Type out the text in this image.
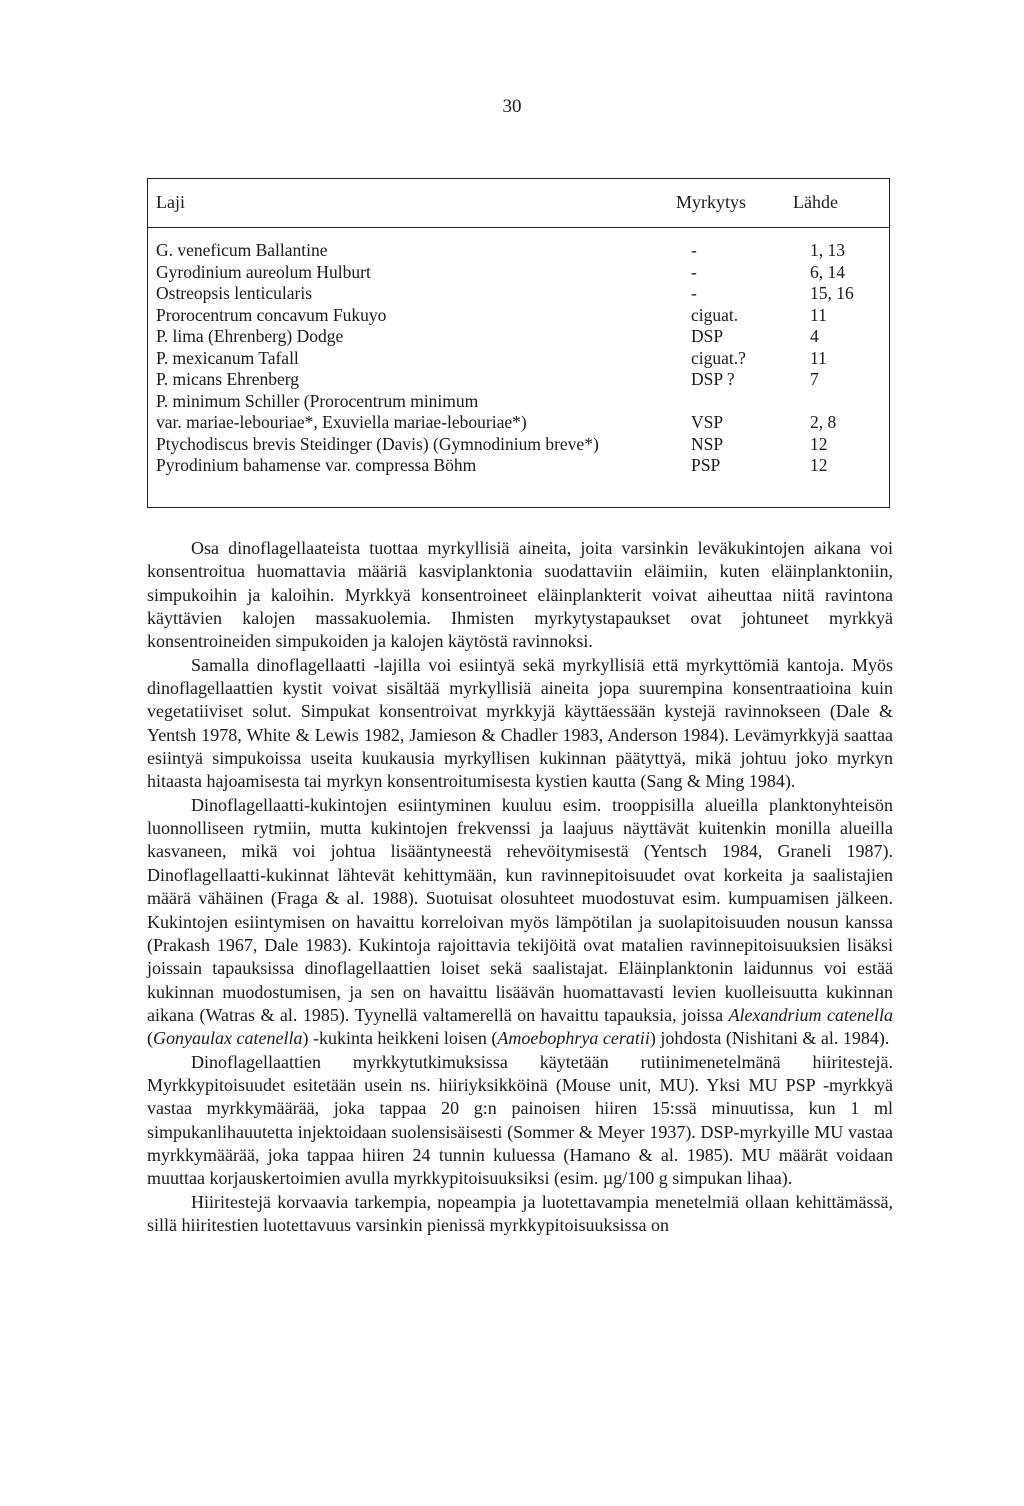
30
Laji	Myrkytys	Lähde
G. veneficum Ballantine	-	1, 13
Gyrodinium aureolum Hulburt	-	6, 14
Ostreopsis lenticularis	-	15, 16
Prorocentrum concavum Fukuyo	ciguat.	11
P. lima (Ehrenberg) Dodge	DSP	4
P. mexicanum Tafall	ciguat.?	11
P. micans Ehrenberg	DSP ?	7
P. minimum Schiller (Prorocentrum minimum
var. mariae-lebouriae*, Exuviella mariae-lebouriae*)	VSP	2, 8
Ptychodiscus brevis Steidinger (Davis) (Gymnodinium breve*)	NSP	12
Pyrodinium bahamense var. compressa Böhm	PSP	12

Osa dinoflagellaateista tuottaa myrkyllisiä aineita, joita varsinkin leväkukintojen aikana voi konsentroitua huomattavia määriä kasviplanktonia suodattaviin eläimiin, kuten eläinplanktoniin, simpukoihin ja kaloihin. Myrkkyä konsentroineet eläinplankterit voivat aiheuttaa niitä ravintona käyttävien kalojen massakuolemia. Ihmisten myrkytystapaukset ovat johtuneet myrkkyä konsentroineiden simpukoiden ja kalojen käytöstä ravinnoksi.

Samalla dinoflagellaatti -lajilla voi esiintyä sekä myrkyllisiä että myrkyttömiä kantoja. Myös dinoflagellaattien kystit voivat sisältää myrkyllisiä aineita jopa suurempina konsentraatioina kuin vegetatiiviset solut. Simpukat konsentroivat myrkkyjä käyttäessään kystejä ravinnokseen (Dale & Yentsh 1978, White & Lewis 1982, Jamieson & Chadler 1983, Anderson 1984). Levämyrkkyjä saattaa esiintyä simpukoissa useita kuukausia myrkyllisen kukinnan päätyttyä, mikä johtuu joko myrkyn hitaasta hajoamisesta tai myrkyn konsentroitumisesta kystien kautta (Sang & Ming 1984).

Dinoflagellaatti-kukintojen esiintyminen kuuluu esim. trooppisilla alueilla planktonyhteisön luonnolliseen rytmiin, mutta kukintojen frekvenssi ja laajuus näyttävät kuitenkin monilla alueilla kasvaneen, mikä voi johtua lisääntyneestä rehevöitymisestä (Yentsch 1984, Graneli 1987). Dinoflagellaatti-kukinnat lähtevät kehittymään, kun ravinnepitoisuudet ovat korkeita ja saalistajien määrä vähäinen (Fraga & al. 1988). Suotuisat olosuhteet muodostuvat esim. kumpuamisen jälkeen. Kukintojen esiintymisen on havaittu korreloivan myös lämpötilan ja suolapitoisuuden nousun kanssa (Prakash 1967, Dale 1983). Kukintoja rajoittavia tekijöitä ovat matalien ravinnepitoisuuksien lisäksi joissain tapauksissa dinoflagellaattien loiset sekä saalistajat. Eläinplanktonin laidunnus voi estää kukinnan muodostumisen, ja sen on havaittu lisäävän huomattavasti levien kuolleisuutta kukinnan aikana (Watras & al. 1985). Tyynellä valtamerellä on havaittu tapauksia, joissa Alexandrium catenella (Gonyaulax catenella) -kukinta heikkeni loisen (Amoebophrya ceratii) johdosta (Nishitani & al. 1984).

Dinoflagellaattien myrkkytutkimuksissa käytetään rutiinimenetelmänä hiiritestejä. Myrkkypitoisuudet esitetään usein ns. hiiriyksikköinä (Mouse unit, MU). Yksi MU PSP -myrkkyä vastaa myrkkymäärää, joka tappaa 20 g:n painoisen hiiren 15:ssä minuutissa, kun 1 ml simpukanlihauutetta injektoidaan suolensisäisesti (Sommer & Meyer 1937). DSP-myrkyille MU vastaa myrkkymäärää, joka tappaa hiiren 24 tunnin kuluessa (Hamano & al. 1985). MU määrät voidaan muuttaa korjauskertoimien avulla myrkkypitoisuuksiksi (esim. µg/100 g simpukan lihaa).

Hiiritestejä korvaavia tarkempia, nopeampia ja luotettavampia menetelmiä ollaan kehittämässä, sillä hiiritestien luotettavuus varsinkin pienissä myrkkypitoisuuksissa on
